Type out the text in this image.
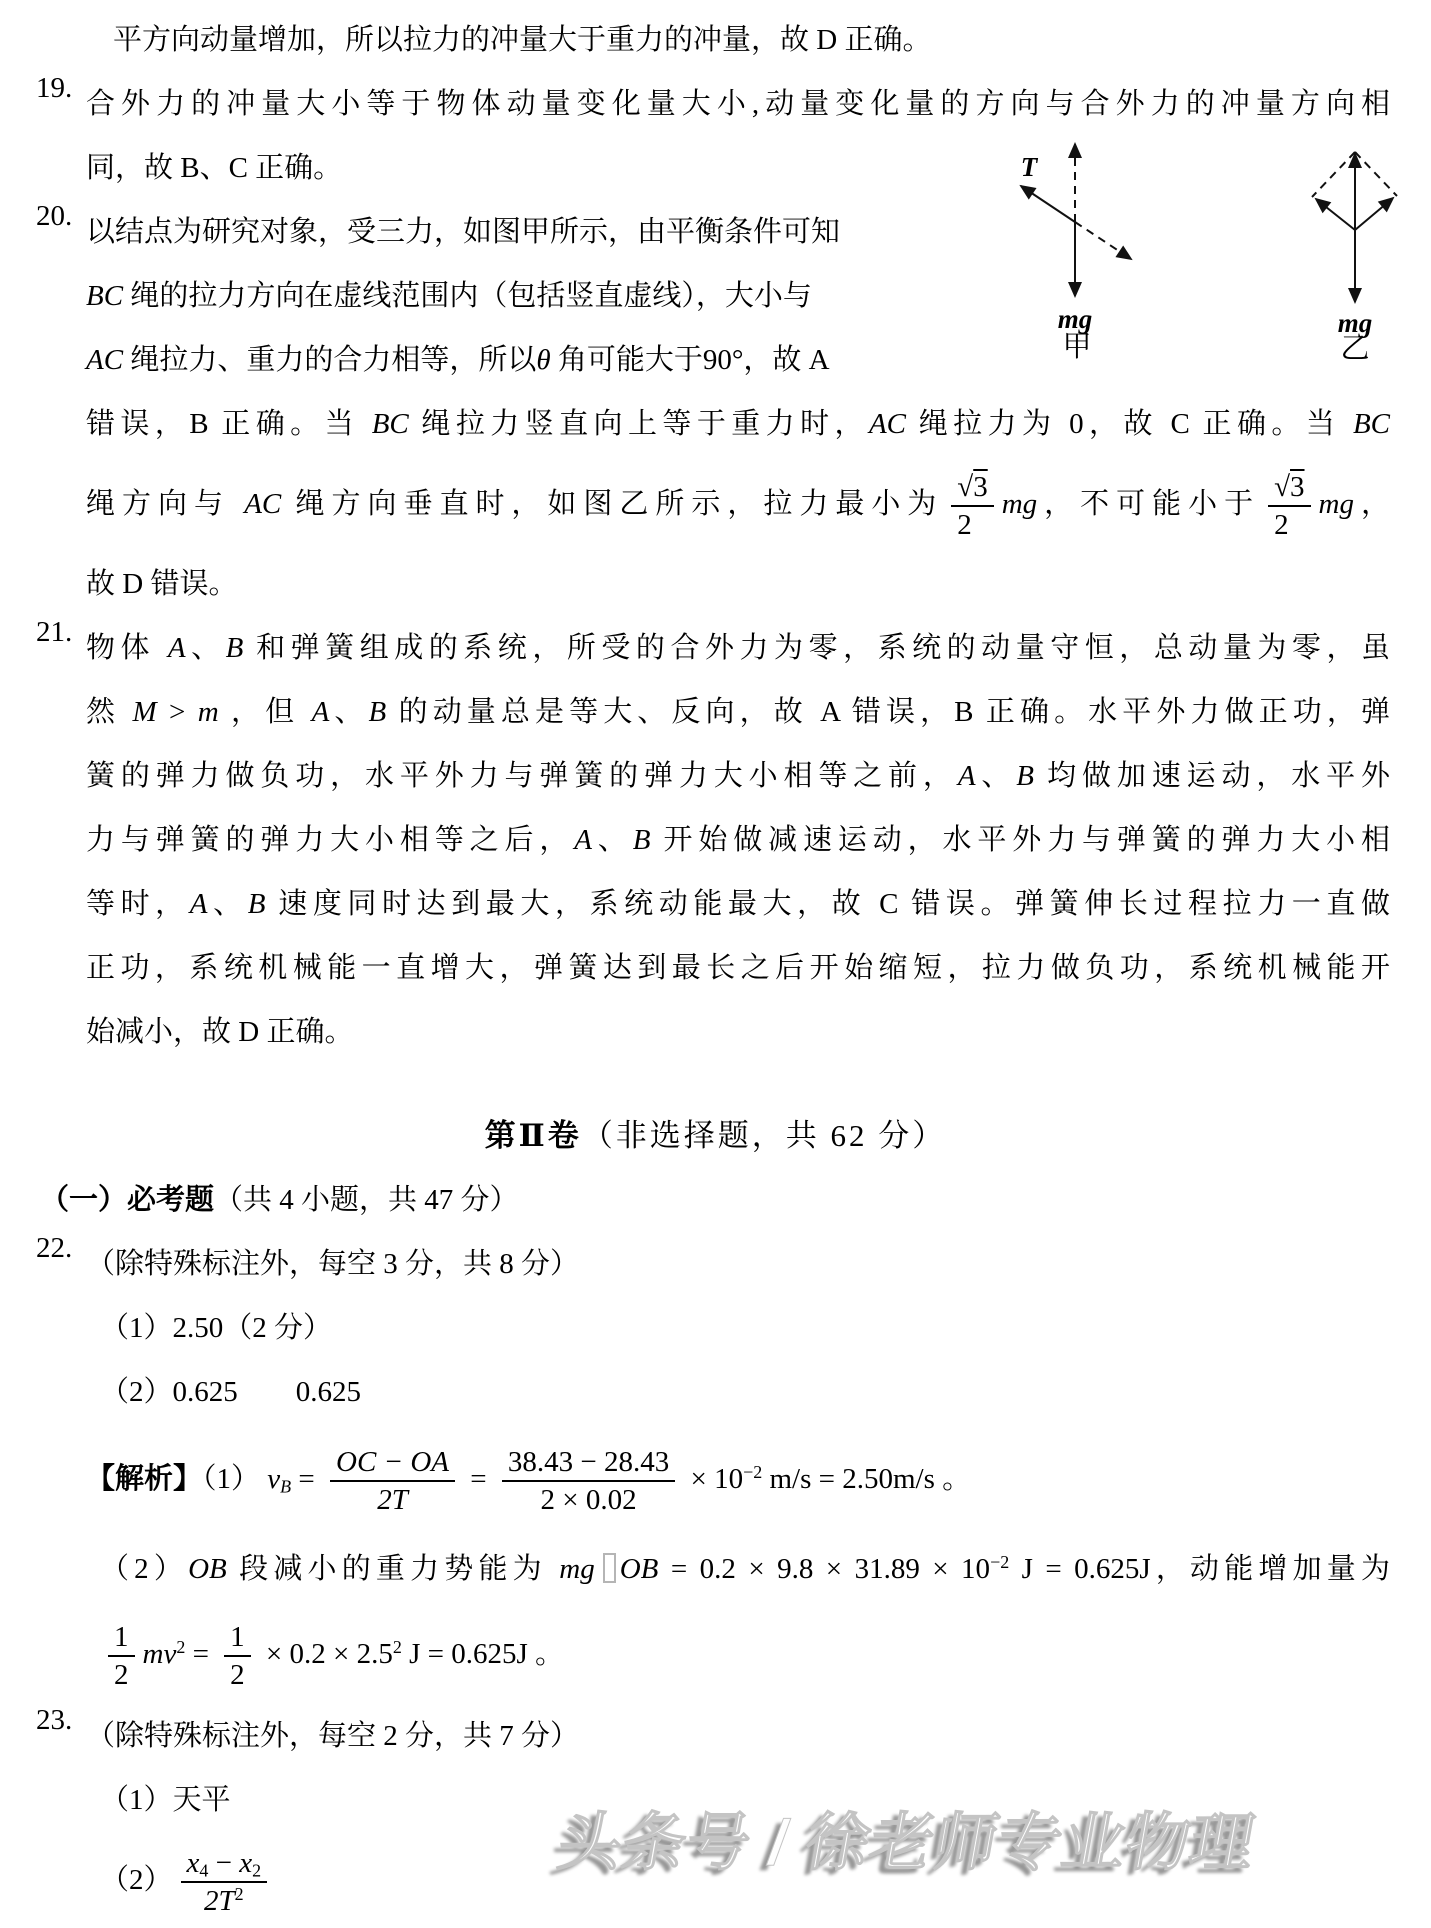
平方向动量增加，所以拉力的冲量大于重力的冲量，故 D 正确。
19. 合外力的冲量大小等于物体动量变化量大小,动量变化量的方向与合外力的冲量方向相
同，故 B、C 正确。
20. 以结点为研究对象，受三力，如图甲所示，由平衡条件可知
BC 绳的拉力方向在虚线范围内（包括竖直虚线），大小与
AC 绳拉力、重力的合力相等，所以θ 角可能大于90°，故 A
错误，B 正确。当 BC 绳拉力竖直向上等于重力时，AC 绳拉力为 0，故 C 正确。当 BC
绳方向与 AC 绳方向垂直时，如图乙所示，拉力最小为 $\frac{√3}{2}$ mg，不可能小于 $\frac{√3}{2}$ mg，
故 D 错误。
21. 物体 A、B 和弹簧组成的系统，所受的合外力为零，系统的动量守恒，总动量为零，虽
然 M > m ，但 A、B 的动量总是等大、反向，故 A 错误，B 正确。水平外力做正功，弹
簧的弹力做负功，水平外力与弹簧的弹力大小相等之前，A、B 均做加速运动，水平外
力与弹簧的弹力大小相等之后，A、B 开始做减速运动，水平外力与弹簧的弹力大小相
等时，A、B 速度同时达到最大，系统动能最大，故 C 错误。弹簧伸长过程拉力一直做
正功，系统机械能一直增大，弹簧达到最长之后开始缩短，拉力做负功，系统机械能开
始减小，故 D 正确。
第Ⅱ卷（非选择题，共 62 分）
（一）必考题（共 4 小题，共 47 分）
22. （除特殊标注外，每空 3 分，共 8 分）
（1）2.50（2 分）
（2）0.625        0.625
【解析】（1） $v_B = \frac{OC - OA}{2T} = \frac{38.43 - 28.43}{2 \times 0.02} \times 10^{-2}$ m/s = 2.50m/s 。
（2）OB 段减小的重力势能为 mg OB = $0.2 \times 9.8 \times 31.89 \times 10^{-2}$ J = 0.625J，动能增加量为
$\frac{1}{2} mv^2 = \frac{1}{2} \times 0.2 \times 2.5^2$ J = 0.625J 。
23. （除特殊标注外，每空 2 分，共 7 分）
（1）天平
$(2) \frac{x_4 - x_2}{2T^2}$
T
mg
甲
mg
乙
头条号 / 徐老师专业物理
